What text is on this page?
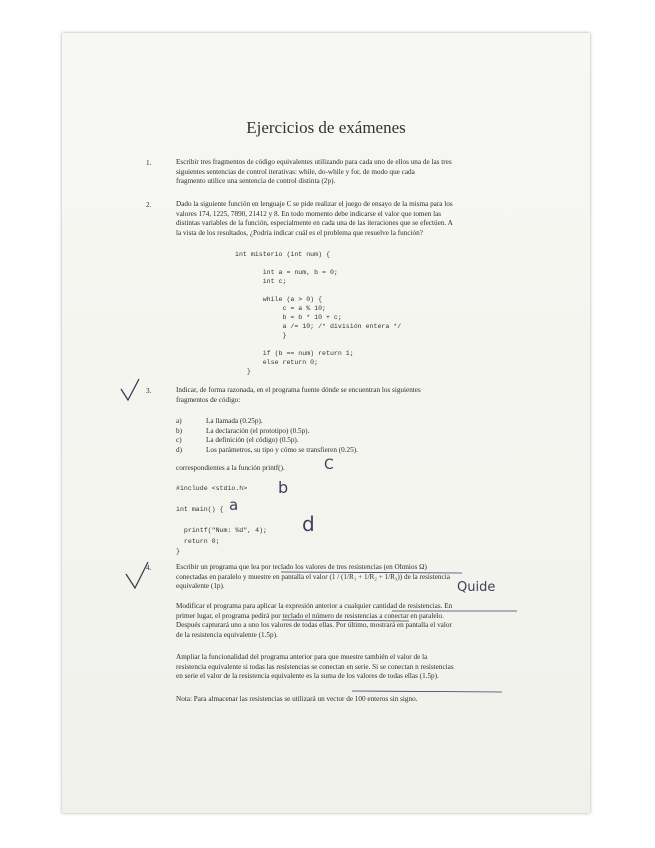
Ejercicios de exámenes
1.	Escribir tres fragmentos de código equivalentes utilizando para cada uno de ellos una de las tres
siguientes sentencias de control iterativas: while, do-while y for, de modo que cada
fragmento utilice una sentencia de control distinta (2p).
2.	Dado la siguiente función en lenguaje C se pide realizar el juego de ensayo de la misma para los
valores 174, 1225, 7890, 21412 y 8. En todo momento debe indicarse el valor que tomen las
distintas variables de la función, especialmente en cada una de las iteraciones que se efectúen. A
la vista de los resultados, ¿Podría indicar cuál es el problema que resuelve la función?
int misterio (int num) {

int a = num, b = 0;
int c;

while (a > 0) {
c = a % 10;
b = b * 10 + c;
a /= 10; /* división entera */
}

if (b == num) return 1;
else return 0;
}
3.	Indicar, de forma razonada, en el programa fuente dónde se encuentran los siguientes
fragmentos de código:
a)	La llamada (0.25p).
b)	La declaración (el prototipo) (0.5p).
c)	La definición (el código) (0.5p).
d)	Los parámetros, su tipo y cómo se transfieren (0.25).
correspondientes a la función printf().	C
#include <stdio.h>

int main() {

printf("Num: %d", 4);
return 0;
}
b
a
d
4.	Escribir un programa que lea por teclado los valores de tres resistencias (en Ohmios Ω)
conectadas en paralelo y muestre en pantalla el valor (1 / (1/R₁ + 1/R₂ + 1/R₃)) de la resistencia
equivalente (1p).	Quide
Modificar el programa para aplicar la expresión anterior a cualquier cantidad de resistencias. En
primer lugar, el programa pedirá por teclado el número de resistencias a conectar en paralelo.
Después capturará uno a uno los valores de todas ellas. Por último, mostrará en pantalla el valor
de la resistencia equivalente (1.5p).
Ampliar la funcionalidad del programa anterior para que muestre también el valor de la
resistencia equivalente si todas las resistencias se conectan en serie. Si se conectan n resistencias
en serie el valor de la resistencia equivalente es la suma de los valores de todas ellas (1.5p).
Nota: Para almacenar las resistencias se utilizará un vector de 100 enteros sin signo.
